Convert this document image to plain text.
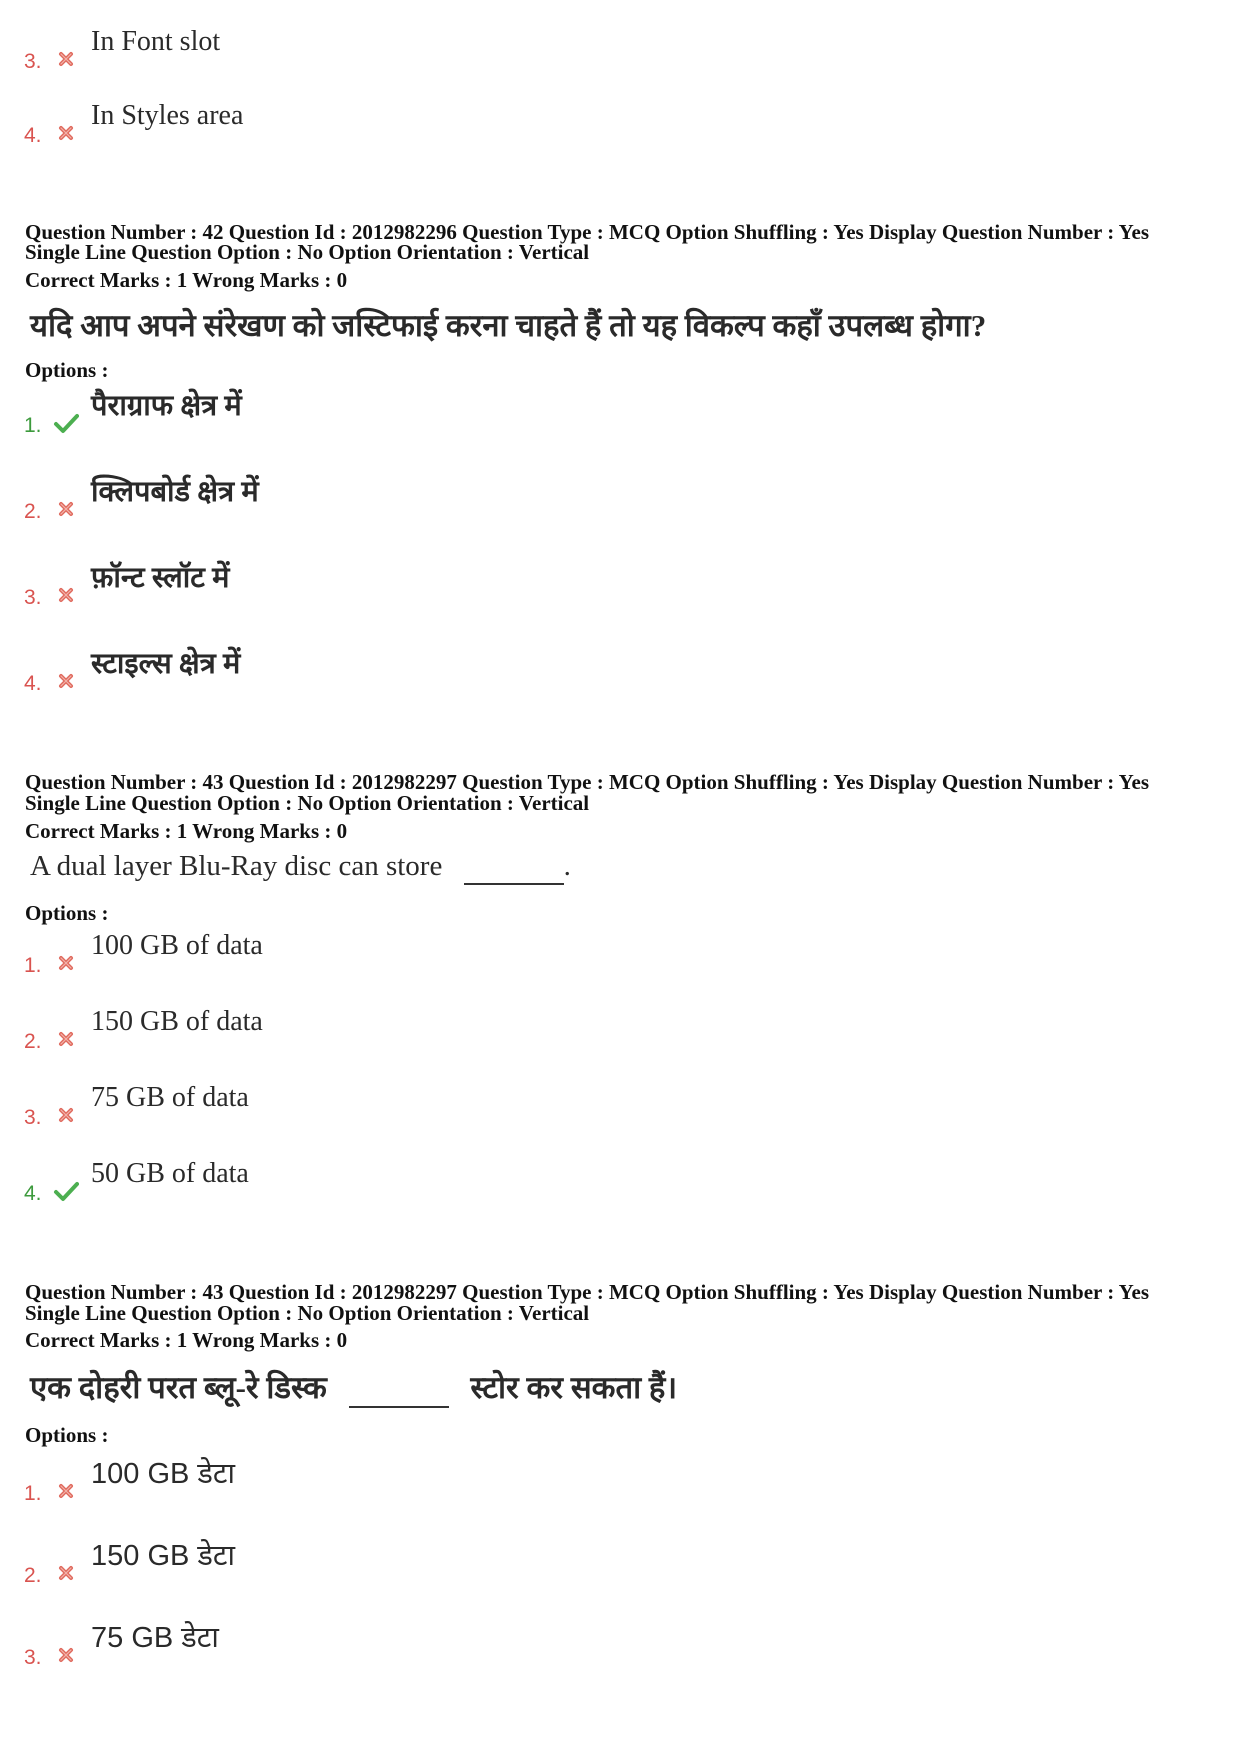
3.
In Font slot
4.
In Styles area
Question Number : 42 Question Id : 2012982296 Question Type : MCQ Option Shuffling : Yes Display Question Number : Yes
Single Line Question Option : No Option Orientation : Vertical
Correct Marks : 1 Wrong Marks : 0
यदि आप अपने संरेखण को जस्टिफाई करना चाहते हैं तो यह विकल्प कहाँ उपलब्ध होगा?
Options :
1.
पैराग्राफ क्षेत्र में
2.
क्लिपबोर्ड क्षेत्र में
3.
फ़ॉन्ट स्लॉट में
4.
स्टाइल्स क्षेत्र में
Question Number : 43 Question Id : 2012982297 Question Type : MCQ Option Shuffling : Yes Display Question Number : Yes
Single Line Question Option : No Option Orientation : Vertical
Correct Marks : 1 Wrong Marks : 0
A dual layer Blu-Ray disc can store	.
Options :
1.
100 GB of data
2.
150 GB of data
3.
75 GB of data
4.
50 GB of data
Question Number : 43 Question Id : 2012982297 Question Type : MCQ Option Shuffling : Yes Display Question Number : Yes
Single Line Question Option : No Option Orientation : Vertical
Correct Marks : 1 Wrong Marks : 0
एक दोहरी परत ब्लू-रे डिस्क	स्टोर कर सकता हैं।
Options :
1.
100 GB डेटा
2.
150 GB डेटा
3.
75 GB डेटा
